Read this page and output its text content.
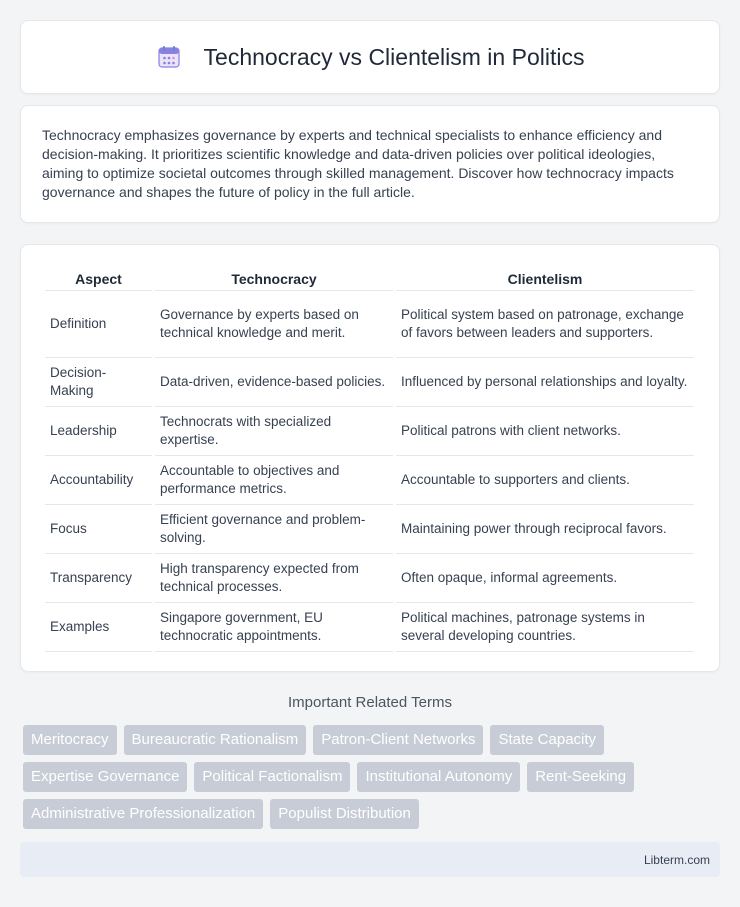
Technocracy vs Clientelism in Politics

Technocracy emphasizes governance by experts and technical specialists to enhance efficiency and decision-making. It prioritizes scientific knowledge and data-driven policies over political ideologies, aiming to optimize societal outcomes through skilled management. Discover how technocracy impacts governance and shapes the future of policy in the full article.

Aspect	Technocracy	Clientelism
Definition	Governance by experts based on technical knowledge and merit.	Political system based on patronage, exchange of favors between leaders and supporters.
Decision-Making	Data-driven, evidence-based policies.	Influenced by personal relationships and loyalty.
Leadership	Technocrats with specialized expertise.	Political patrons with client networks.
Accountability	Accountable to objectives and performance metrics.	Accountable to supporters and clients.
Focus	Efficient governance and problem-solving.	Maintaining power through reciprocal favors.
Transparency	High transparency expected from technical processes.	Often opaque, informal agreements.
Examples	Singapore government, EU technocratic appointments.	Political machines, patronage systems in several developing countries.
Important Related Terms
Meritocracy	Bureaucratic Rationalism	Patron-Client Networks	State Capacity
Expertise Governance	Political Factionalism	Institutional Autonomy	Rent-Seeking
Administrative Professionalization	Populist Distribution
Libterm.com
